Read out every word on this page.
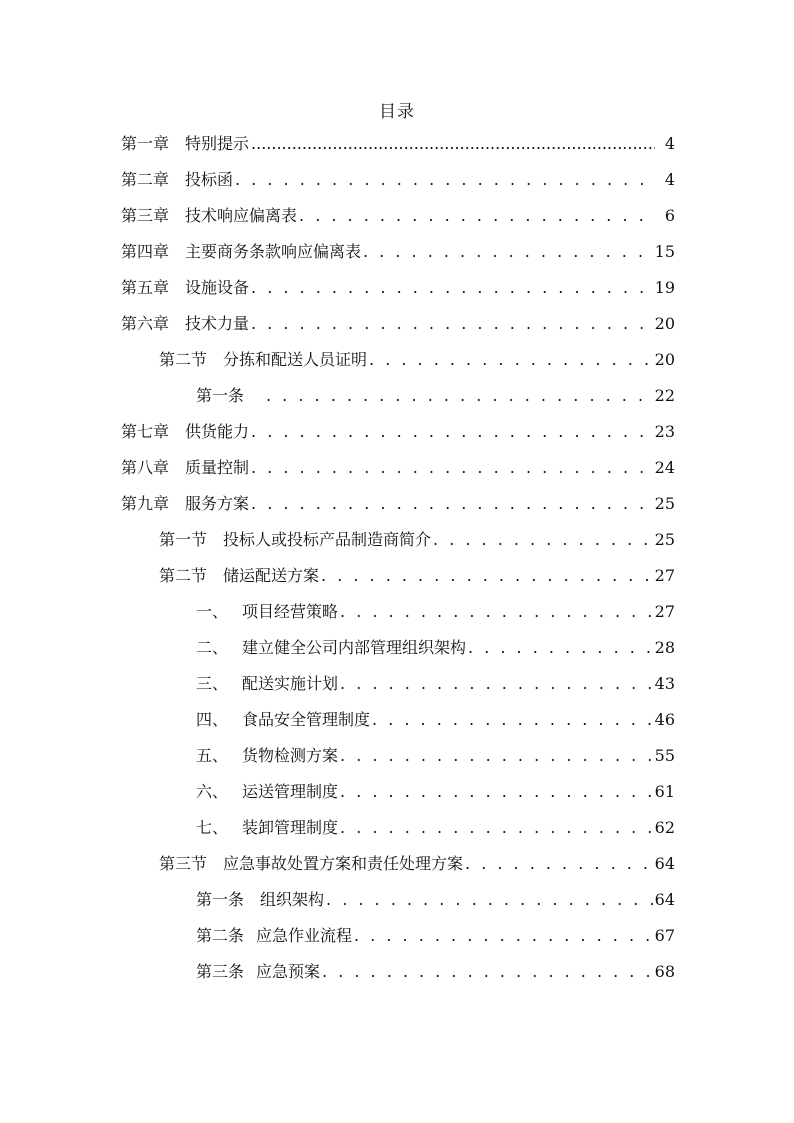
目录
第一章 特别提示 .....	4
第二章 投标函 . . .	4
第三章 技术响应偏离表 . . .	6
第四章 主要商务条款响应偏离表 . . .	15
第五章 设施设备 . . .	19
第六章 技术力量 . . .	20
第二节 分拣和配送人员证明 . . .	20
第一条 . . .	22
第七章 供货能力 . . .	23
第八章 质量控制 . . .	24
第九章 服务方案 . . .	25
第一节 投标人或投标产品制造商简介 . . .	25
第二节 储运配送方案 . . .	27
一、 项目经营策略 . . .	27
二、 建立健全公司内部管理组织架构 . . .	28
三、 配送实施计划 . . .	43
四、 食品安全管理制度 . . .	46
五、 货物检测方案 . . .	55
六、 运送管理制度 . . .	61
七、 装卸管理制度 . . .	62
第三节 应急事故处置方案和责任处理方案 . . .	64
第一条 组织架构 . . .	64
第二条 应急作业流程 . . .	67
第三条 应急预案 . . .	68
